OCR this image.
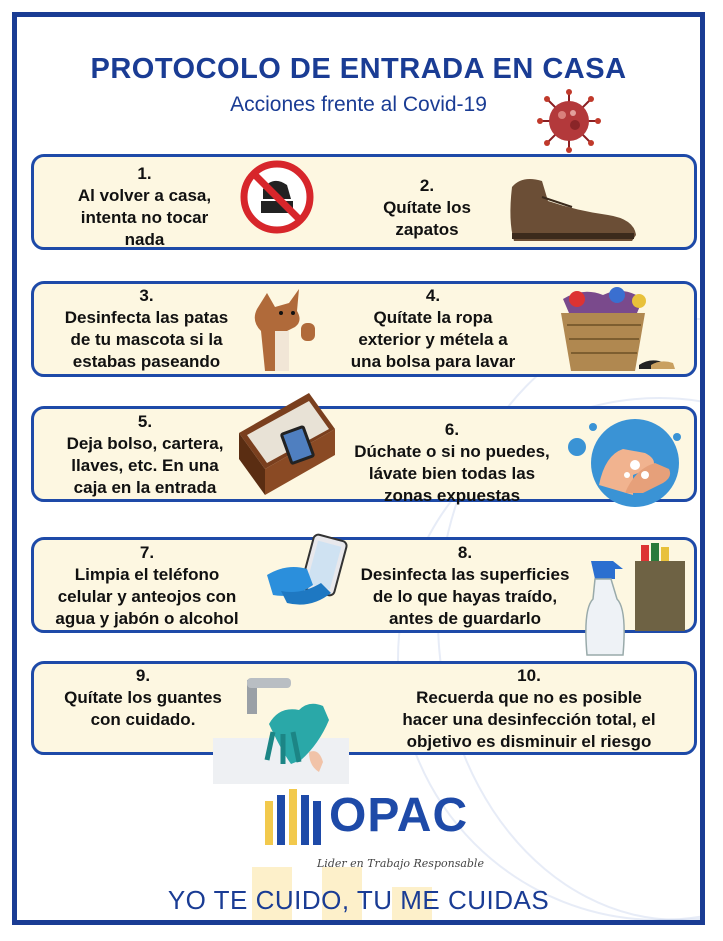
PROTOCOLO DE ENTRADA EN CASA
Acciones frente al Covid-19
1.
Al volver a casa,
intenta no tocar
nada
2.
Quítate los
zapatos
3.
Desinfecta las patas
de tu mascota si la
estabas paseando
4.
Quítate la ropa
exterior y métela a
una bolsa para lavar
5.
Deja bolso, cartera,
llaves, etc. En una
caja en la entrada
6.
Dúchate o si no puedes,
lávate bien todas las
zonas expuestas
7.
Limpia el teléfono
celular y anteojos con
agua y jabón o alcohol
8.
Desinfecta las superficies
de lo que hayas traído,
antes de guardarlo
9.
Quítate los guantes
con cuidado.
10.
Recuerda que no es posible
hacer una desinfección total, el
objetivo es disminuir el riesgo
OPAC
Lider en Trabajo Responsable
YO TE CUIDO, TU ME CUIDAS
